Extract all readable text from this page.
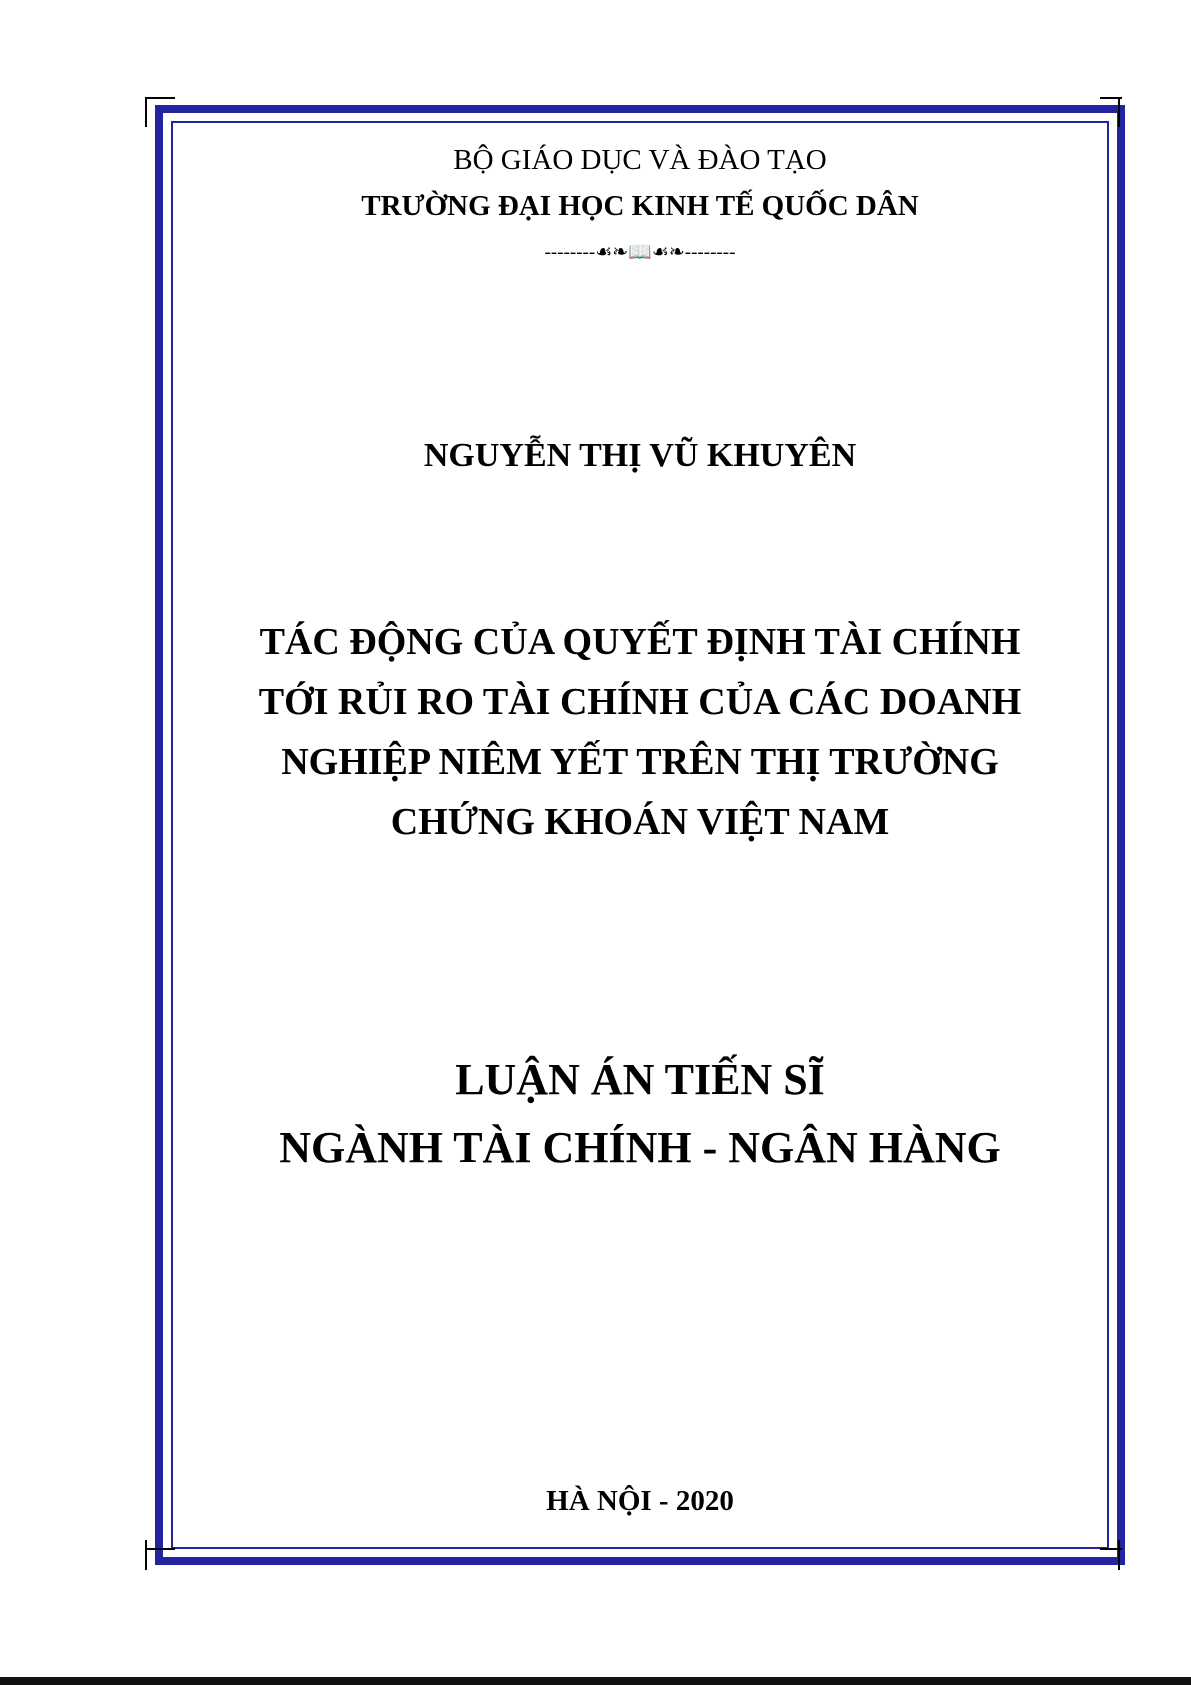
BỘ GIÁO DỤC VÀ ĐÀO TẠO
TRƯỜNG ĐẠI HỌC KINH TẾ QUỐC DÂN
--------☙❧📖☙❧--------
NGUYỄN THỊ VŨ KHUYÊN
TÁC ĐỘNG CỦA QUYẾT ĐỊNH TÀI CHÍNH
TỚI RỦI RO TÀI CHÍNH CỦA CÁC DOANH
NGHIỆP NIÊM YẾT TRÊN THỊ TRƯỜNG
CHỨNG KHOÁN VIỆT NAM
LUẬN ÁN TIẾN SĨ
NGÀNH TÀI CHÍNH - NGÂN HÀNG
HÀ NỘI - 2020
